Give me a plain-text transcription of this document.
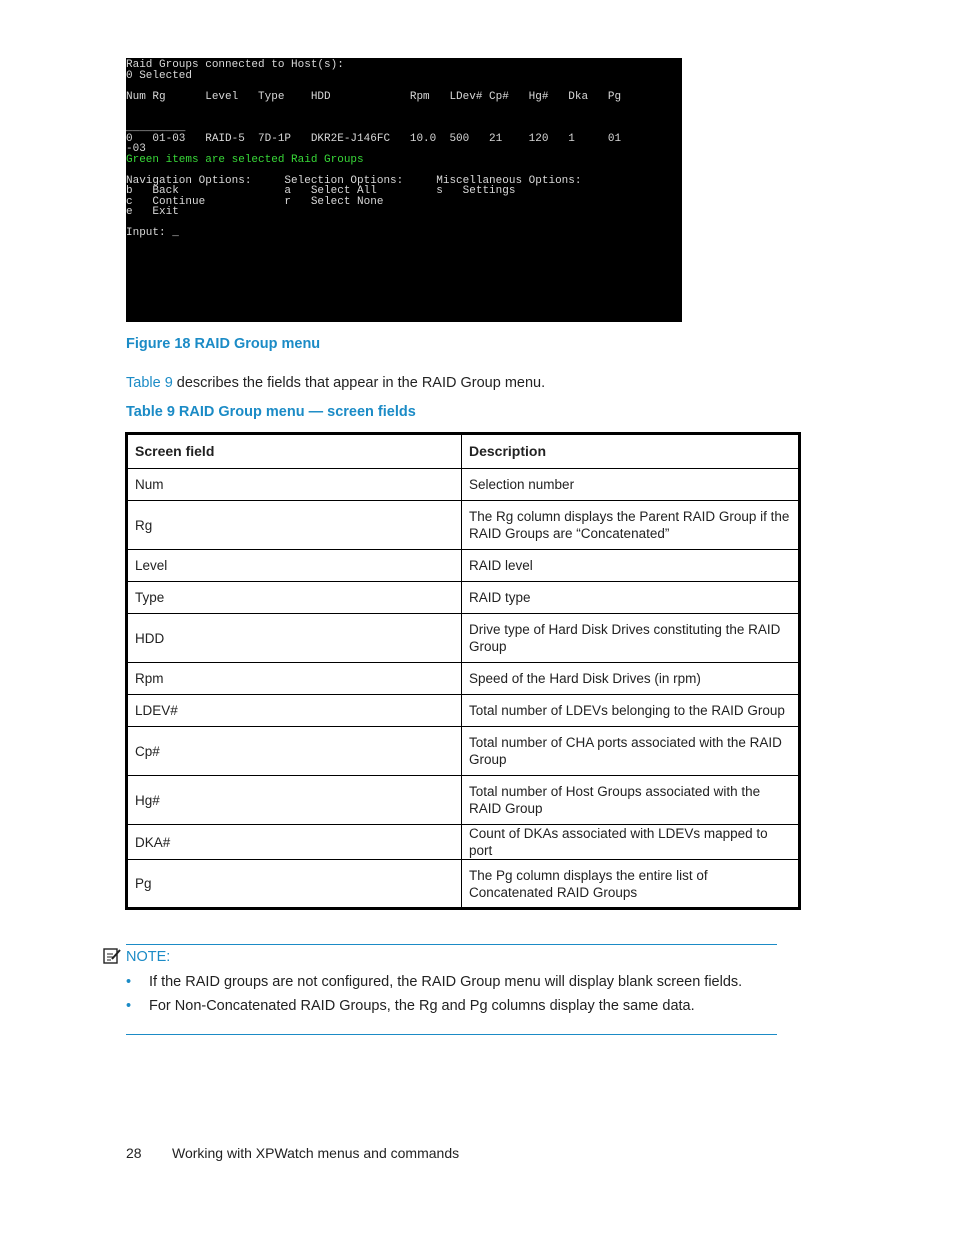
Raid Groups connected to Host(s):
0 Selected
Num Rg      Level   Type    HDD            Rpm   LDev# Cp#   Hg#   Dka   Pg
_________
0   01-03   RAID-5  7D-1P   DKR2E-J146FC   10.0  500   21    120   1     01
-03
Green items are selected Raid Groups
Navigation Options:     Selection Options:     Miscellaneous Options:
b   Back                a   Select All         s   Settings
c   Continue            r   Select None
e   Exit
Input: _
Figure 18 RAID Group menu
Table 9 describes the fields that appear in the RAID Group menu.
Table 9 RAID Group menu — screen fields
Screen field	Description
Num	Selection number
Rg	The Rg column displays the Parent RAID Group if the RAID Groups are “Concatenated”
Level	RAID level
Type	RAID type
HDD	Drive type of Hard Disk Drives constituting the RAID Group
Rpm	Speed of the Hard Disk Drives (in rpm)
LDEV#	Total number of LDEVs belonging to the RAID Group
Cp#	Total number of CHA ports associated with the RAID Group
Hg#	Total number of Host Groups associated with the RAID Group
DKA#	Count of DKAs associated with LDEVs mapped to port
Pg	The Pg column displays the entire list of Concatenated RAID Groups
NOTE:
• If the RAID groups are not configured, the RAID Group menu will display blank screen fields.
• For Non-Concatenated RAID Groups, the Rg and Pg columns display the same data.
28 Working with XPWatch menus and commands
